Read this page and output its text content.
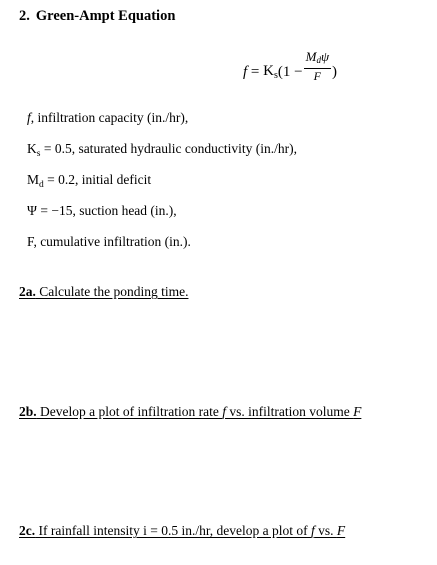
2. Green-Ampt Equation
$f = K_s$ ($1 - \frac{M_d\psi}{F}$ )
f, infiltration capacity (in./hr),
$K_s = 0.5$, saturated hydraulic conductivity (in./hr),
$M_d = 0.2$, initial deficit
Ψ = −15, suction head (in.),
F, cumulative infiltration (in.).
2a. Calculate the ponding time.
2b. Develop a plot of infiltration rate f vs. infiltration volume F
2c. If rainfall intensity i = 0.5 in./hr, develop a plot of f vs. F
